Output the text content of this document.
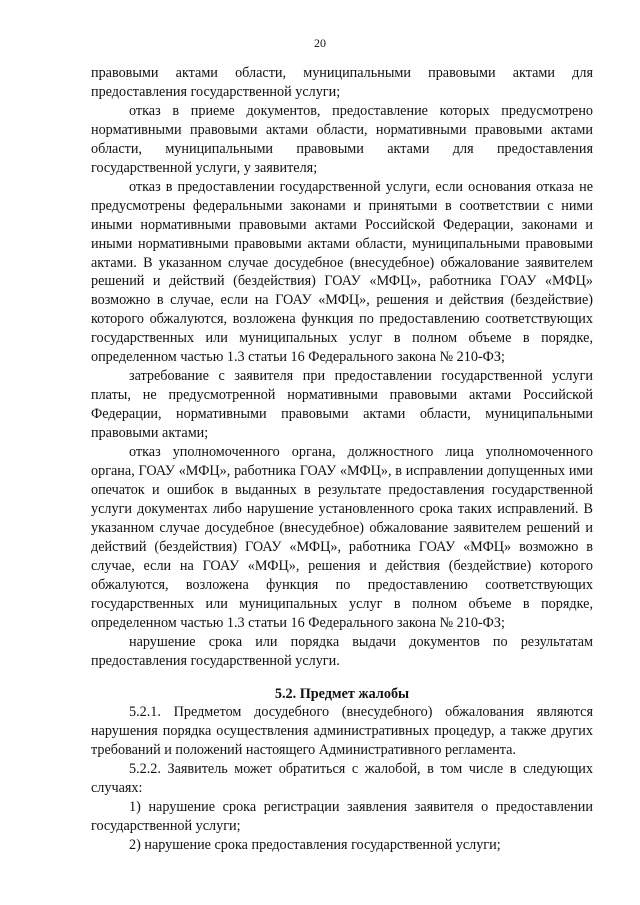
20

правовыми актами области, муниципальными правовыми актами для предоставления государственной услуги;

отказ в приеме документов, предоставление которых предусмотрено нормативными правовыми актами области, нормативными правовыми актами области, муниципальными правовыми актами для предоставления государственной услуги, у заявителя;

отказ в предоставлении государственной услуги, если основания отказа не предусмотрены федеральными законами и принятыми в соответствии с ними иными нормативными правовыми актами Российской Федерации, законами и иными нормативными правовыми актами области, муниципальными правовыми актами. В указанном случае досудебное (внесудебное) обжалование заявителем решений и действий (бездействия) ГОАУ «МФЦ», работника ГОАУ «МФЦ» возможно в случае, если на ГОАУ «МФЦ», решения и действия (бездействие) которого обжалуются, возложена функция по предоставлению соответствующих государственных или муниципальных услуг в полном объеме в порядке, определенном частью 1.3 статьи 16 Федерального закона № 210-ФЗ;

затребование с заявителя при предоставлении государственной услуги платы, не предусмотренной нормативными правовыми актами Российской Федерации, нормативными правовыми актами области, муниципальными правовыми актами;

отказ уполномоченного органа, должностного лица уполномоченного органа, ГОАУ «МФЦ», работника ГОАУ «МФЦ», в исправлении допущенных ими опечаток и ошибок в выданных в результате предоставления государственной услуги документах либо нарушение установленного срока таких исправлений. В указанном случае досудебное (внесудебное) обжалование заявителем решений и действий (бездействия) ГОАУ «МФЦ», работника ГОАУ «МФЦ» возможно в случае, если на ГОАУ «МФЦ», решения и действия (бездействие) которого обжалуются, возложена функция по предоставлению соответствующих государственных или муниципальных услуг в полном объеме в порядке, определенном частью 1.3 статьи 16 Федерального закона № 210-ФЗ;

нарушение срока или порядка выдачи документов по результатам предоставления государственной услуги.

5.2. Предмет жалобы

5.2.1. Предметом досудебного (внесудебного) обжалования являются нарушения порядка осуществления административных процедур, а также других требований и положений настоящего Административного регламента.

5.2.2. Заявитель может обратиться с жалобой, в том числе в следующих случаях:

1) нарушение срока регистрации заявления заявителя о предоставлении государственной услуги;

2) нарушение срока предоставления государственной услуги;
